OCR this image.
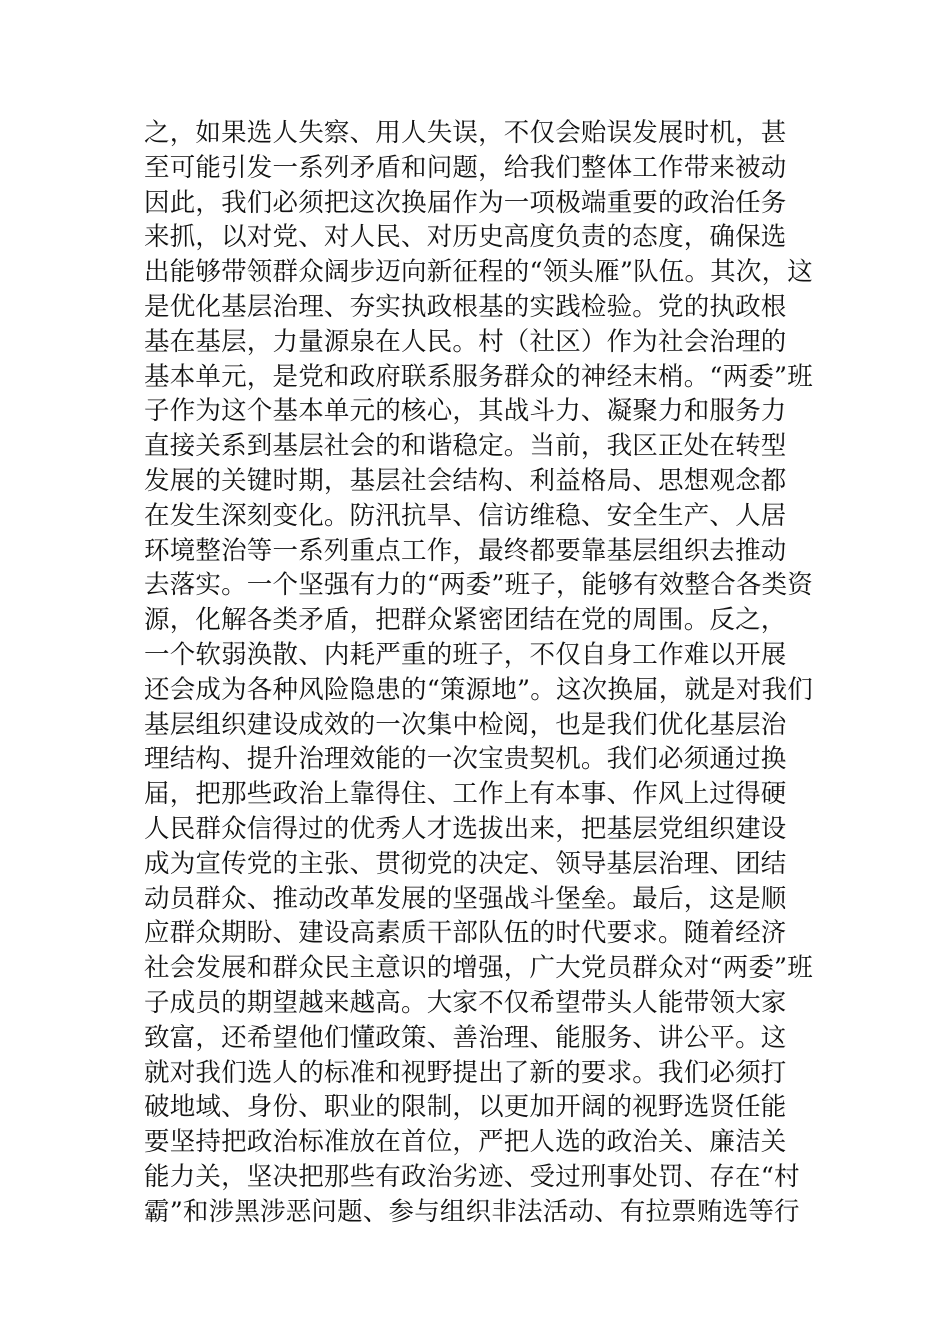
之，如果选人失察、用人失误，不仅会贻误发展时机，甚
至可能引发一系列矛盾和问题，给我们整体工作带来被动
因此，我们必须把这次换届作为一项极端重要的政治任务
来抓，以对党、对人民、对历史高度负责的态度，确保选
出能够带领群众阔步迈向新征程的“领头雁”队伍。其次，这
是优化基层治理、夯实执政根基的实践检验。党的执政根
基在基层，力量源泉在人民。村（社区）作为社会治理的
基本单元，是党和政府联系服务群众的神经末梢。“两委”班
子作为这个基本单元的核心，其战斗力、凝聚力和服务力
直接关系到基层社会的和谐稳定。当前，我区正处在转型
发展的关键时期，基层社会结构、利益格局、思想观念都
在发生深刻变化。防汛抗旱、信访维稳、安全生产、人居
环境整治等一系列重点工作，最终都要靠基层组织去推动
去落实。一个坚强有力的“两委”班子，能够有效整合各类资
源，化解各类矛盾，把群众紧密团结在党的周围。反之，
一个软弱涣散、内耗严重的班子，不仅自身工作难以开展
还会成为各种风险隐患的“策源地”。这次换届，就是对我们
基层组织建设成效的一次集中检阅，也是我们优化基层治
理结构、提升治理效能的一次宝贵契机。我们必须通过换
届，把那些政治上靠得住、工作上有本事、作风上过得硬
人民群众信得过的优秀人才选拔出来，把基层党组织建设
成为宣传党的主张、贯彻党的决定、领导基层治理、团结
动员群众、推动改革发展的坚强战斗堡垒。最后，这是顺
应群众期盼、建设高素质干部队伍的时代要求。随着经济
社会发展和群众民主意识的增强，广大党员群众对“两委”班
子成员的期望越来越高。大家不仅希望带头人能带领大家
致富，还希望他们懂政策、善治理、能服务、讲公平。这
就对我们选人的标准和视野提出了新的要求。我们必须打
破地域、身份、职业的限制，以更加开阔的视野选贤任能
要坚持把政治标准放在首位，严把人选的政治关、廉洁关
能力关，坚决把那些有政治劣迹、受过刑事处罚、存在“村
霸”和涉黑涉恶问题、参与组织非法活动、有拉票贿选等行
